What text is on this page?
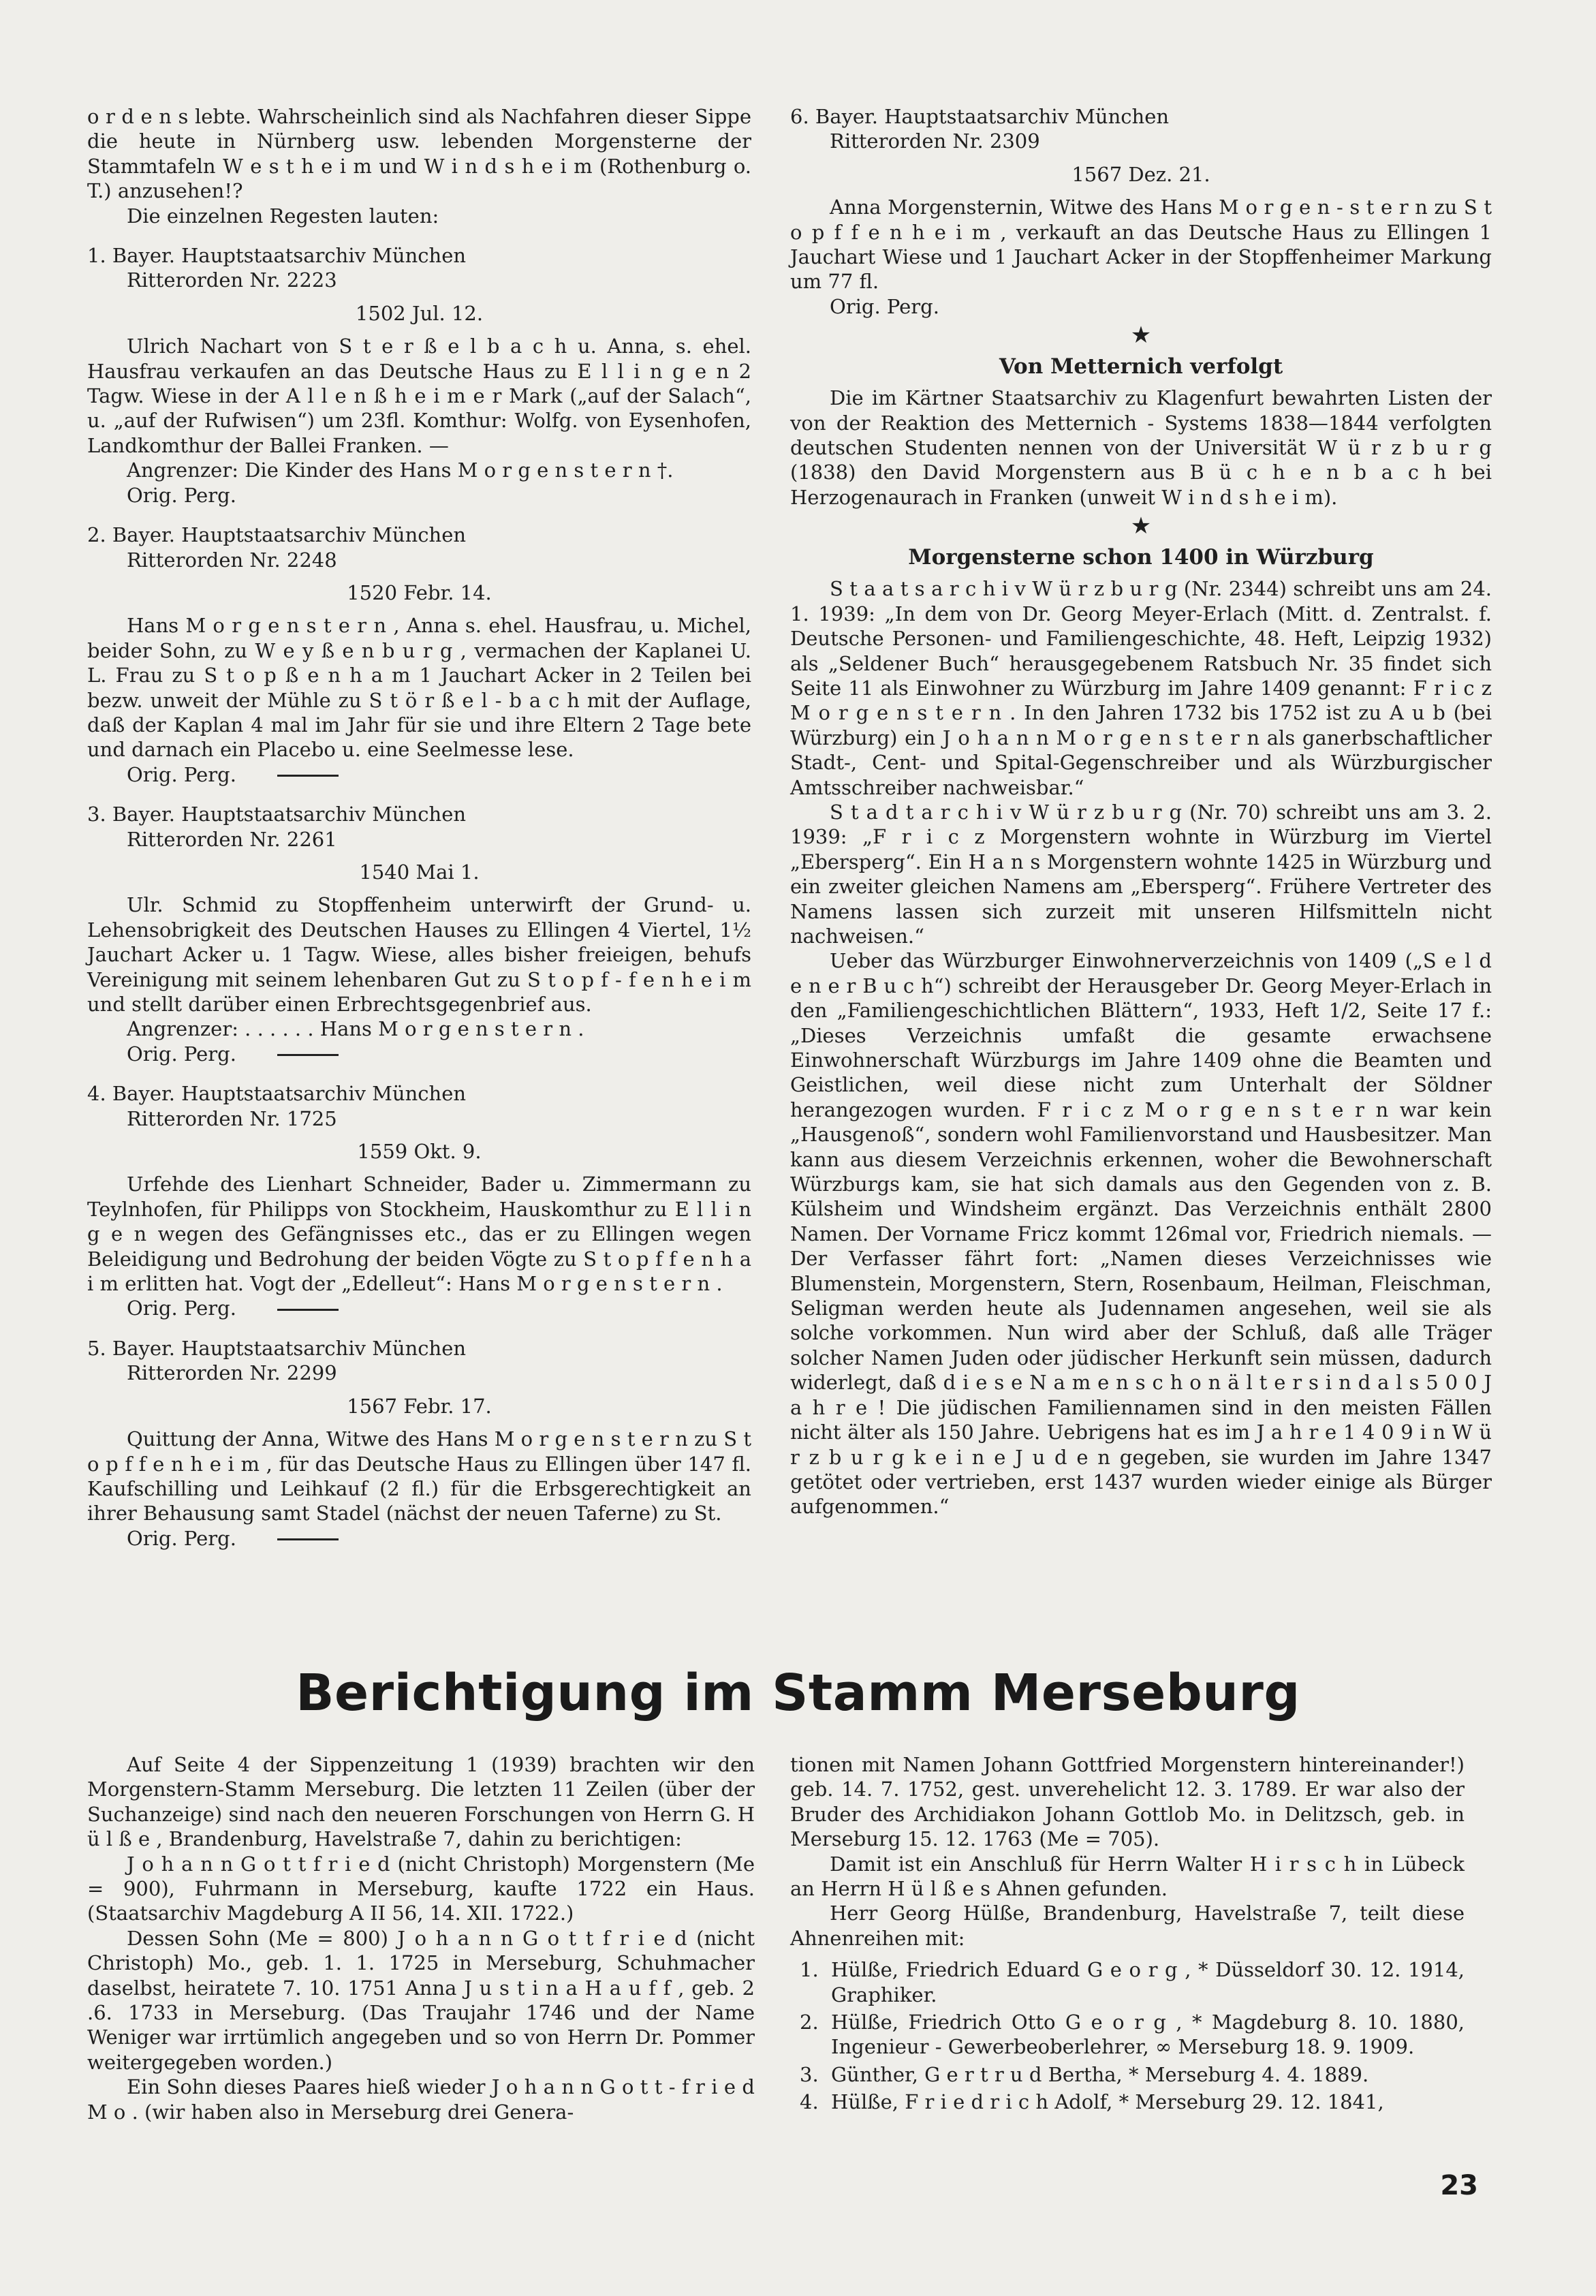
o r d e n s lebte. Wahrscheinlich sind als Nachfahren dieser Sippe die heute in Nürnberg usw. lebenden Morgensterne der Stammtafeln W e s t h e i m und W i n d s h e i m (Rothenburg o. T.) anzusehen!?

Die einzelnen Regesten lauten:

1. Bayer. Hauptstaatsarchiv München

Ritterorden Nr. 2223

1502 Jul. 12.

Ulrich Nachart von S t e r ß e l b a c h u. Anna, s. ehel. Hausfrau verkaufen an das Deutsche Haus zu E l l i n g e n 2 Tagw. Wiese in der A l l e n ß h e i m e r Mark („auf der Salach“, u. „auf der Rufwisen“) um 23fl. Komthur: Wolfg. von Eysenhofen, Landkomthur der Ballei Franken. —

Angrenzer: Die Kinder des Hans M o r g e n s t e r n †.

Orig. Perg.

2. Bayer. Hauptstaatsarchiv München

Ritterorden Nr. 2248

1520 Febr. 14.

Hans M o r g e n s t e r n , Anna s. ehel. Hausfrau, u. Michel, beider Sohn, zu W e y ß e n b u r g , vermachen der Kaplanei U. L. Frau zu S t o p ß e n h a m 1 Jauchart Acker in 2 Teilen bei bezw. unweit der Mühle zu S t ö r ß e l - b a c h mit der Auflage, daß der Kaplan 4 mal im Jahr für sie und ihre Eltern 2 Tage bete und darnach ein Placebo u. eine Seelmesse lese.

Orig. Perg.

3. Bayer. Hauptstaatsarchiv München

Ritterorden Nr. 2261

1540 Mai 1.

Ulr. Schmid zu Stopffenheim unterwirft der Grund- u. Lehensobrigkeit des Deutschen Hauses zu Ellingen 4 Viertel, 1½ Jauchart Acker u. 1 Tagw. Wiese, alles bisher freieigen, behufs Vereinigung mit seinem lehenbaren Gut zu S t o p f - f e n h e i m und stellt darüber einen Erbrechtsgegenbrief aus.

Angrenzer: . . . . . . Hans M o r g e n s t e r n .

Orig. Perg.

4. Bayer. Hauptstaatsarchiv München

Ritterorden Nr. 1725

1559 Okt. 9.

Urfehde des Lienhart Schneider, Bader u. Zimmermann zu Teylnhofen, für Philipps von Stockheim, Hauskomthur zu E l l i n g e n wegen des Gefängnisses etc., das er zu Ellingen wegen Beleidigung und Bedrohung der beiden Vögte zu S t o p f f e n h a i m erlitten hat. Vogt der „Edelleut“: Hans M o r g e n s t e r n .

Orig. Perg.

5. Bayer. Hauptstaatsarchiv München

Ritterorden Nr. 2299

1567 Febr. 17.

Quittung der Anna, Witwe des Hans M o r g e n s t e r n zu S t o p f f e n h e i m , für das Deutsche Haus zu Ellingen über 147 fl. Kaufschilling und Leihkauf (2 fl.) für die Erbsgerechtigkeit an ihrer Behausung samt Stadel (nächst der neuen Taferne) zu St.

Orig. Perg.

6. Bayer. Hauptstaatsarchiv München

Ritterorden Nr. 2309

1567 Dez. 21.

Anna Morgensternin, Witwe des Hans M o r g e n - s t e r n zu S t o p f f e n h e i m , verkauft an das Deutsche Haus zu Ellingen 1 Jauchart Wiese und 1 Jauchart Acker in der Stopffenheimer Markung um 77 fl.

Orig. Perg.

★
Von Metternich verfolgt

Die im Kärtner Staatsarchiv zu Klagenfurt bewahrten Listen der von der Reaktion des Metternich - Systems 1838—1844 verfolgten deutschen Studenten nennen von der Universität W ü r z b u r g (1838) den David Morgenstern aus B ü c h e n b a c h bei Herzogenaurach in Franken (unweit W i n d s h e i m).

★
Morgensterne schon 1400 in Würzburg

S t a a t s a r c h i v W ü r z b u r g (Nr. 2344) schreibt uns am 24. 1. 1939: „In dem von Dr. Georg Meyer-Erlach (Mitt. d. Zentralst. f. Deutsche Personen- und Familiengeschichte, 48. Heft, Leipzig 1932) als „Seldener Buch“ herausgegebenem Ratsbuch Nr. 35 findet sich Seite 11 als Einwohner zu Würzburg im Jahre 1409 genannt: F r i c z M o r g e n s t e r n . In den Jahren 1732 bis 1752 ist zu A u b (bei Würzburg) ein J o h a n n M o r g e n s t e r n als ganerbschaftlicher Stadt-, Cent- und Spital-Gegenschreiber und als Würzburgischer Amtsschreiber nachweisbar.“

S t a d t a r c h i v W ü r z b u r g (Nr. 70) schreibt uns am 3. 2. 1939: „F r i c z Morgenstern wohnte in Würzburg im Viertel „Ebersperg“. Ein H a n s Morgenstern wohnte 1425 in Würzburg und ein zweiter gleichen Namens am „Ebersperg“. Frühere Vertreter des Namens lassen sich zurzeit mit unseren Hilfsmitteln nicht nachweisen.“

Ueber das Würzburger Einwohnerverzeichnis von 1409 („S e l d e n e r B u c h“) schreibt der Herausgeber Dr. Georg Meyer-Erlach in den „Familiengeschichtlichen Blättern“, 1933, Heft 1/2, Seite 17 f.: „Dieses Verzeichnis umfaßt die gesamte erwachsene Einwohnerschaft Würzburgs im Jahre 1409 ohne die Beamten und Geistlichen, weil diese nicht zum Unterhalt der Söldner herangezogen wurden. F r i c z M o r g e n s t e r n war kein „Hausgenoß“, sondern wohl Familienvorstand und Hausbesitzer. Man kann aus diesem Verzeichnis erkennen, woher die Bewohnerschaft Würzburgs kam, sie hat sich damals aus den Gegenden von z. B. Külsheim und Windsheim ergänzt. Das Verzeichnis enthält 2800 Namen. Der Vorname Fricz kommt 126mal vor, Friedrich niemals. — Der Verfasser fährt fort: „Namen dieses Verzeichnisses wie Blumenstein, Morgenstern, Stern, Rosenbaum, Heilman, Fleischman, Seligman werden heute als Judennamen angesehen, weil sie als solche vorkommen. Nun wird aber der Schluß, daß alle Träger solcher Namen Juden oder jüdischer Herkunft sein müssen, dadurch widerlegt, daß d i e s e N a m e n s c h o n ä l t e r s i n d a l s 5 0 0 J a h r e ! Die jüdischen Familiennamen sind in den meisten Fällen nicht älter als 150 Jahre. Uebrigens hat es im J a h r e 1 4 0 9 i n W ü r z b u r g k e i n e J u d e n gegeben, sie wurden im Jahre 1347 getötet oder vertrieben, erst 1437 wurden wieder einige als Bürger aufgenommen.“

Berichtigung im Stamm Merseburg

Auf Seite 4 der Sippenzeitung 1 (1939) brachten wir den Morgenstern-Stamm Merseburg. Die letzten 11 Zeilen (über der Suchanzeige) sind nach den neueren Forschungen von Herrn G. H ü l ß e , Brandenburg, Havelstraße 7, dahin zu berichtigen:

J o h a n n G o t t f r i e d (nicht Christoph) Morgenstern (Me = 900), Fuhrmann in Merseburg, kaufte 1722 ein Haus. (Staatsarchiv Magdeburg A II 56, 14. XII. 1722.)

Dessen Sohn (Me = 800) J o h a n n G o t t f r i e d (nicht Christoph) Mo., geb. 1. 1. 1725 in Merseburg, Schuhmacher daselbst, heiratete 7. 10. 1751 Anna J u s t i n a H a u f f , geb. 2 .6. 1733 in Merseburg. (Das Traujahr 1746 und der Name Weniger war irrtümlich angegeben und so von Herrn Dr. Pommer weitergegeben worden.)

Ein Sohn dieses Paares hieß wieder J o h a n n G o t t - f r i e d M o . (wir haben also in Merseburg drei Genera-

tionen mit Namen Johann Gottfried Morgenstern hintereinander!) geb. 14. 7. 1752, gest. unverehelicht 12. 3. 1789. Er war also der Bruder des Archidiakon Johann Gottlob Mo. in Delitzsch, geb. in Merseburg 15. 12. 1763 (Me = 705).

Damit ist ein Anschluß für Herrn Walter H i r s c h in Lübeck an Herrn H ü l ß e s Ahnen gefunden.

Herr Georg Hülße, Brandenburg, Havelstraße 7, teilt diese Ahnenreihen mit:

1. Hülße, Friedrich Eduard G e o r g , * Düsseldorf 30. 12. 1914, Graphiker.
2. Hülße, Friedrich Otto G e o r g , * Magdeburg 8. 10. 1880, Ingenieur - Gewerbeoberlehrer, ∞ Merseburg 18. 9. 1909.
3. Günther, G e r t r u d Bertha, * Merseburg 4. 4. 1889.
4. Hülße, F r i e d r i c h Adolf, * Merseburg 29. 12. 1841,
23
